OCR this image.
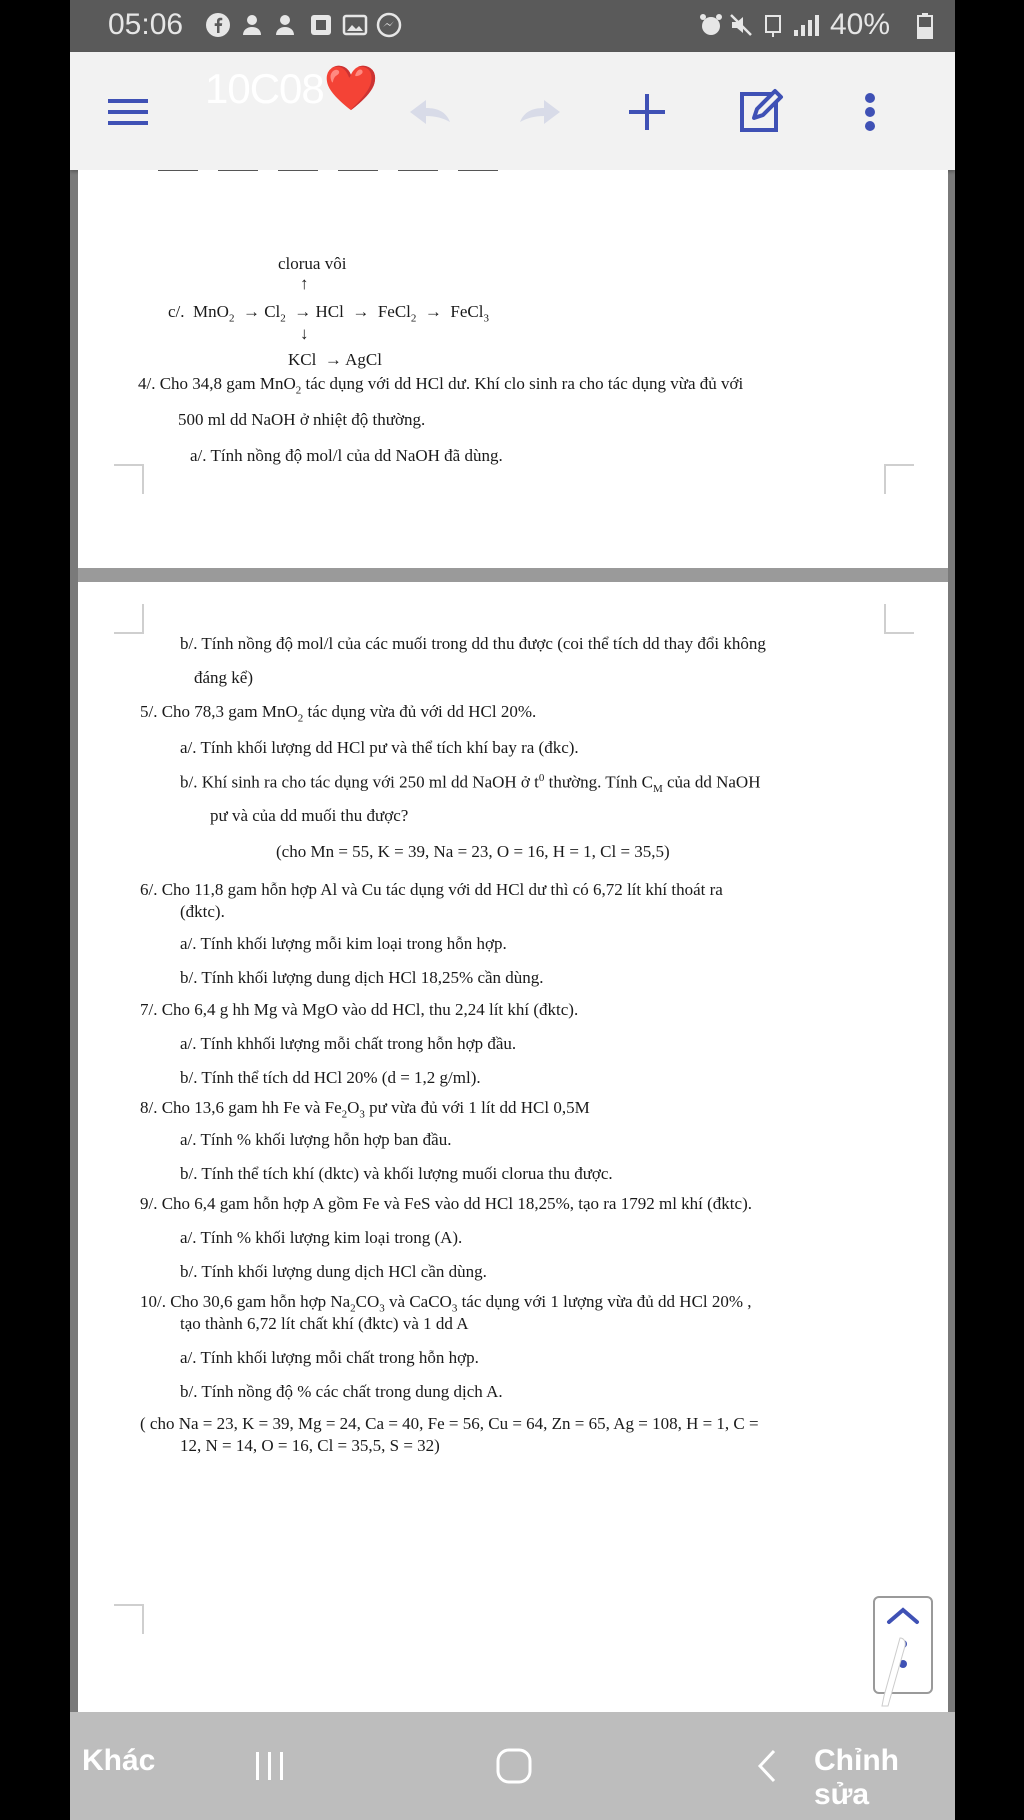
05:06	40%
10C08❤️
clorua vôi
↑
c/. $MnO_2 \to Cl_2$  → HCl  →  FeCl$_2$  →  FeCl$_3$
↓
KCl  → AgCl
4/. Cho 34,8 gam MnO$_2$ tác dụng với dd HCl dư. Khí clo sinh ra cho tác dụng vừa đủ với
500 ml dd NaOH ở nhiệt độ thường.
a/. Tính nồng độ mol/l của dd NaOH đã dùng.
b/. Tính nồng độ mol/l của các muối trong dd thu được (coi thể tích dd thay đổi không
đáng kể)
5/. Cho 78,3 gam MnO$_2$ tác dụng vừa đủ với dd HCl 20%.
a/. Tính khối lượng dd HCl pư và thể tích khí bay ra (đkc).
b/. Khí sinh ra cho tác dụng với 250 ml dd NaOH ở $t^0$ thường. Tính $C_M$ của dd NaOH
pư và của dd muối thu được?
(cho Mn = 55, K = 39, Na = 23, O = 16, H = 1, Cl = 35,5)
6/. Cho 11,8 gam hỗn hợp Al và Cu tác dụng với dd HCl dư thì có 6,72 lít khí thoát ra
(đktc).
a/. Tính khối lượng mỗi kim loại trong hỗn hợp.
b/. Tính khối lượng dung dịch HCl 18,25% cần dùng.
7/. Cho 6,4 g hh Mg và MgO vào dd HCl, thu 2,24 lít khí (đktc).
a/. Tính khhối lượng mỗi chất trong hỗn hợp đầu.
b/. Tính thể tích dd HCl 20% (d = 1,2 g/ml).
8/. Cho 13,6 gam hh Fe và $Fe_2O_3$ pư vừa đủ với 1 lít dd HCl 0,5M
a/. Tính % khối lượng hỗn hợp ban đầu.
b/. Tính thể tích khí (dktc) và khối lượng muối clorua thu được.
9/. Cho 6,4 gam hỗn hợp A gồm Fe và FeS vào dd HCl 18,25%, tạo ra 1792 ml khí (đktc).
a/. Tính % khối lượng kim loại trong (A).
b/. Tính khối lượng dung dịch HCl cần dùng.
10/. Cho 30,6 gam hỗn hợp $Na_2CO_3$ và CaCO$_3$ tác dụng với 1 lượng vừa đủ dd HCl 20% ,
tạo thành 6,72 lít chất khí (đktc) và 1 dd A
a/. Tính khối lượng mỗi chất trong hỗn hợp.
b/. Tính nồng độ % các chất trong dung dịch A.
( cho Na = 23, K = 39, Mg = 24, Ca = 40, Fe = 56, Cu = 64, Zn = 65, Ag = 108, H = 1, C =
12, N = 14, O = 16, Cl = 35,5, S = 32)
Khác	Chỉnh sửa
